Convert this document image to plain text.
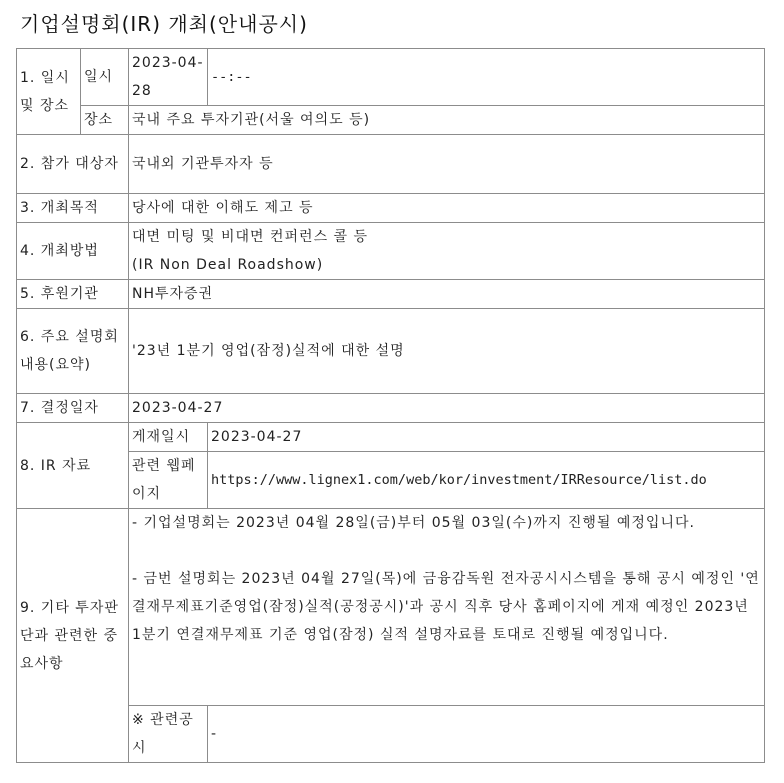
기업설명회(IR) 개최(안내공시)
1. 일시 및 장소	일시	2023-04-28	--:--
	장소	국내 주요 투자기관(서울 여의도 등)	
2. 참가 대상자		국내외 기관투자자 등	
3. 개최목적		당사에 대한 이해도 제고 등	
4. 개최방법		대면 미팅 및 비대면 컨퍼런스 콜 등
(IR Non Deal Roadshow)	

5. 후원기관		NH투자증권	
6. 주요 설명회내용(요약)		'23년 1분기 영업(잠정)실적에 대한 설명	
7. 결정일자		2023-04-27	
8. IR 자료		게재일시	2023-04-27
		관련 웹페이지	https://www.lignex1.com/web/kor/investment/IRResource/list.do
9. 기타 투자판단과 관련한 중요사항		- 기업설명회는 2023년 04월 28일(금)부터 05월 03일(수)까지 진행될 예정입니다.
- 금번 설명회는 2023년 04월 27일(목)에 금융감독원 전자공시시스템을 통해 공시 예정인 '연결재무제표기준영업(잠정)실적(공정공시)'과 공시 직후 당사 홈페이지에 게재 예정인 2023년 1분기 연결재무제표 기준 영업(잠정) 실적 설명자료를 토대로 진행될 예정입니다.	

		※ 관련공시	-
